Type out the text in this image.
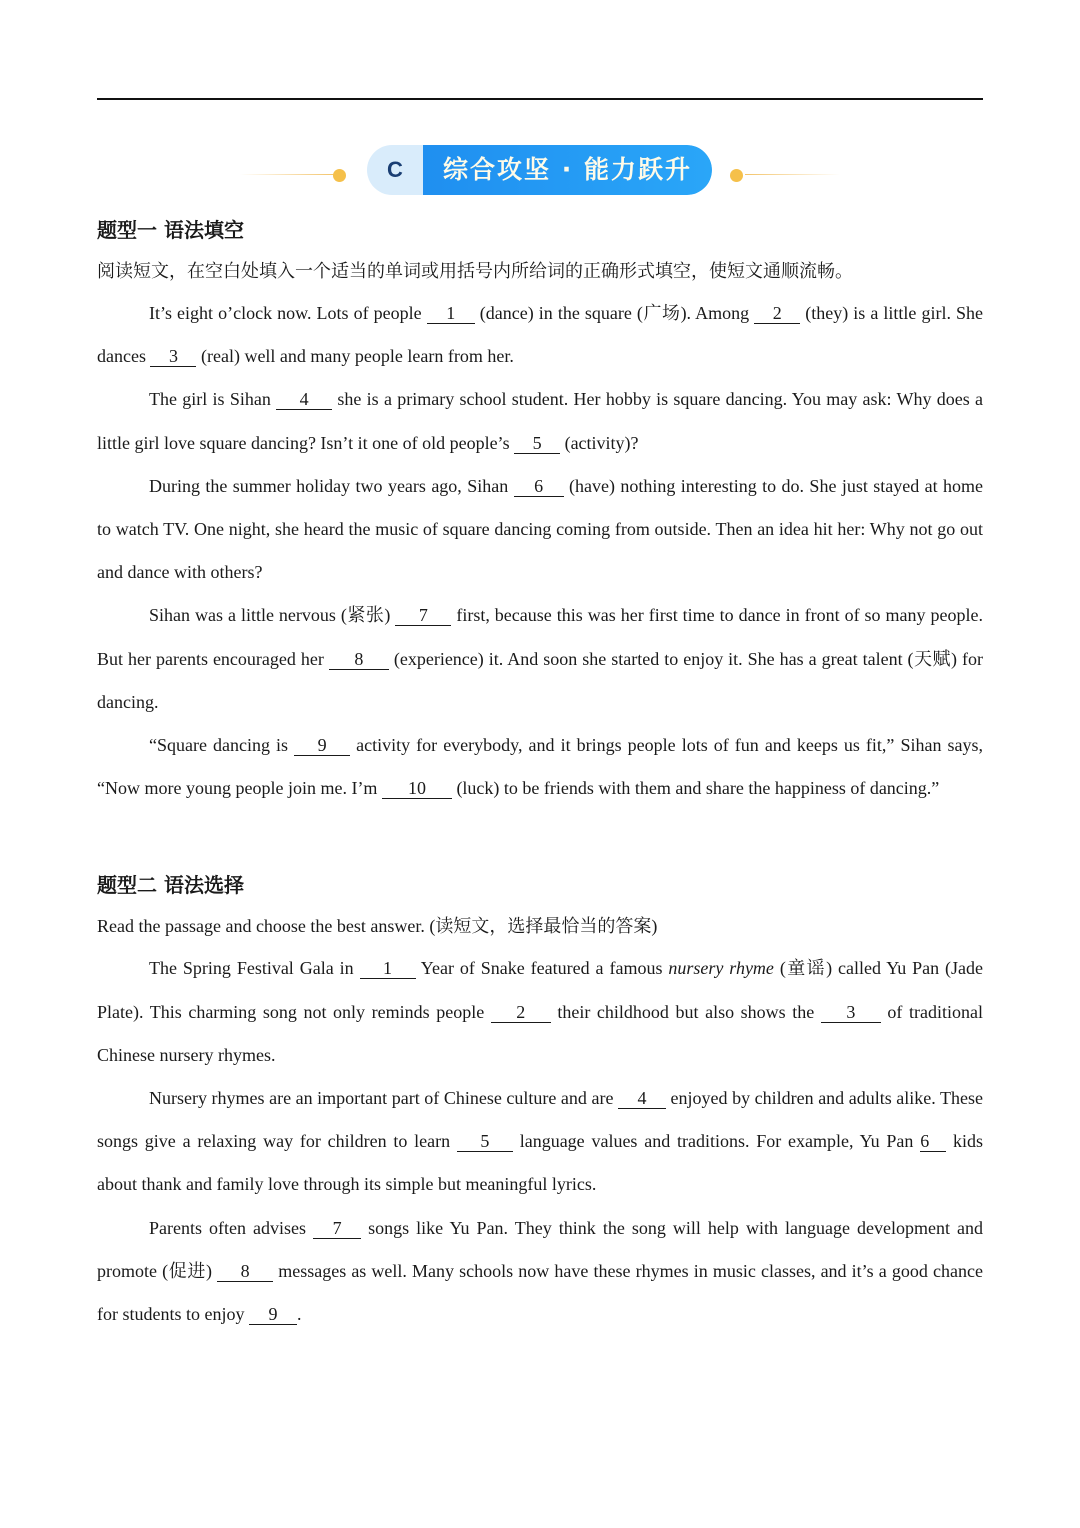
C	综合攻坚 · 能力跃升
题型一 语法填空

阅读短文，在空白处填入一个适当的单词或用括号内所给词的正确形式填空，使短文通顺流畅。

It’s eight o’clock now. Lots of people 1 (dance) in the square (广场). Among 2 (they) is a little girl. She dances 3 (real) well and many people learn from her.

The girl is Sihan 4 she is a primary school student. Her hobby is square dancing. You may ask: Why does a little girl love square dancing? Isn’t it one of old people’s 5 (activity)?

During the summer holiday two years ago, Sihan 6 (have) nothing interesting to do. She just stayed at home to watch TV. One night, she heard the music of square dancing coming from outside. Then an idea hit her: Why not go out and dance with others?

Sihan was a little nervous (紧张) 7 first, because this was her first time to dance in front of so many people. But her parents encouraged her 8 (experience) it. And soon she started to enjoy it. She has a great talent (天赋) for dancing.

“Square dancing is 9 activity for everybody, and it brings people lots of fun and keeps us fit,” Sihan says, “Now more young people join me. I’m 10 (luck) to be friends with them and share the happiness of dancing.”

题型二 语法选择

Read the passage and choose the best answer. (读短文，选择最恰当的答案)

The Spring Festival Gala in 1 Year of Snake featured a famous nursery rhyme (童谣) called Yu Pan (Jade Plate). This charming song not only reminds people 2 their childhood but also shows the 3 of traditional Chinese nursery rhymes.

Nursery rhymes are an important part of Chinese culture and are 4 enjoyed by children and adults alike. These songs give a relaxing way for children to learn 5 language values and traditions. For example, Yu Pan 6 kids about thank and family love through its simple but meaningful lyrics.

Parents often advises 7 songs like Yu Pan. They think the song will help with language development and promote (促进) 8 messages as well. Many schools now have these rhymes in music classes, and it’s a good chance for students to enjoy 9 .
